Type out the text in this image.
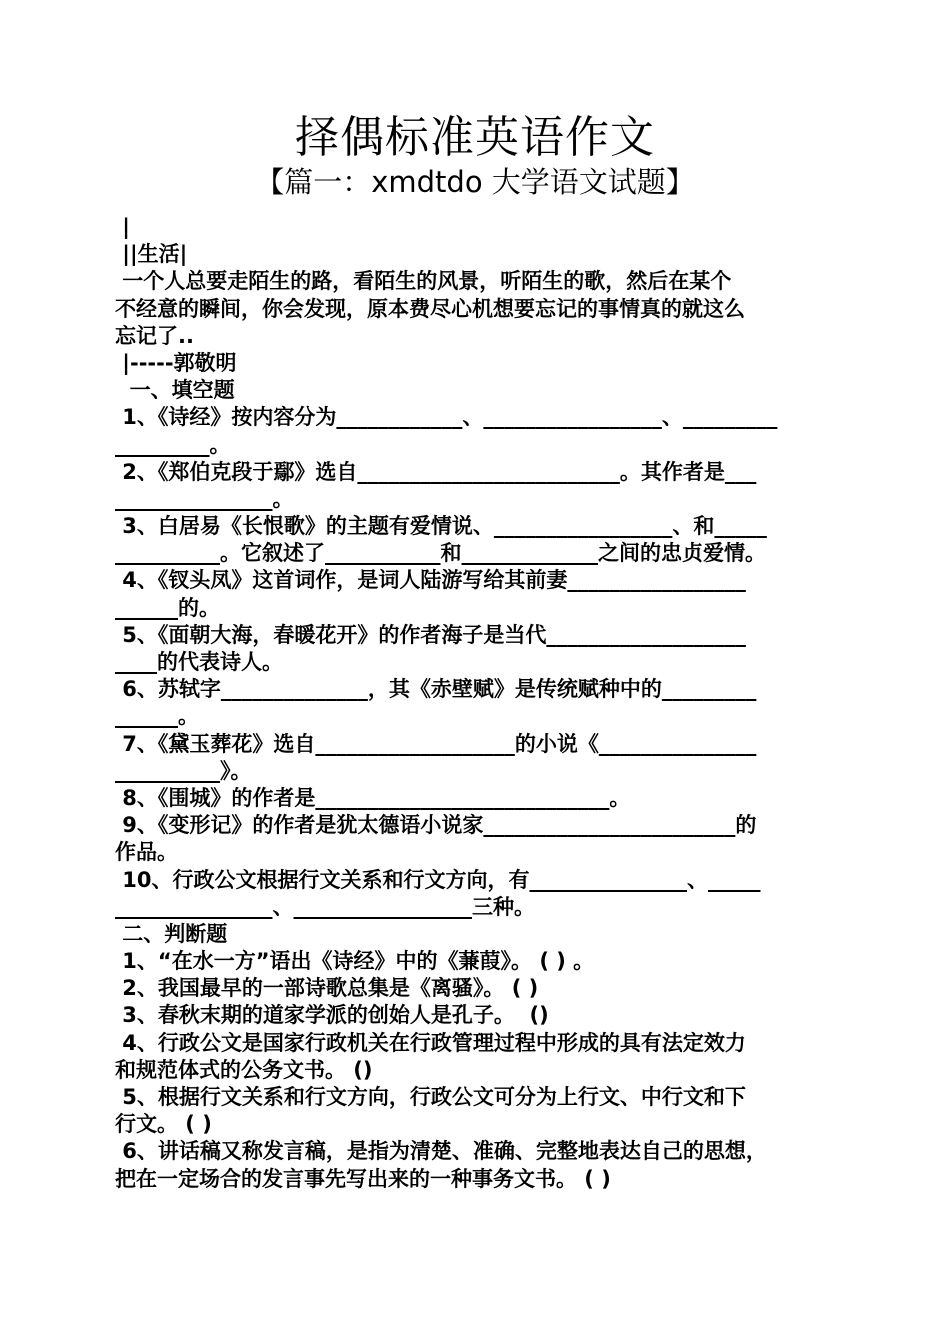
择偶标准英语作文
【篇一：xmdtdo 大学语文试题】
|
||生活|
一个人总要走陌生的路，看陌生的风景，听陌生的歌，然后在某个
不经意的瞬间，你会发现，原本费尽心机想要忘记的事情真的就这么
忘记了..
|-----郭敬明
一、填空题
1、《诗经》按内容分为____________、_________________、_________
_________。
2、《郑伯克段于鄢》选自_________________________。其作者是___
_______________。
3、白居易《长恨歌》的主题有爱情说、_________________、和_____
__________。它叙述了___________和_____________之间的忠贞爱情。
4、《钗头凤》这首词作，是词人陆游写给其前妻_________________
______的。
5、《面朝大海，春暖花开》的作者海子是当代___________________
____的代表诗人。
6、苏轼字______________，其《赤壁赋》是传统赋种中的_________
______。
7、《黛玉葬花》选自___________________的小说《_______________
__________》。
8、《围城》的作者是____________________________。
9、《变形记》的作者是犹太德语小说家________________________的
作品。
10、行政公文根据行文关系和行文方向，有_______________、_____
_______________、_________________三种。
二、判断题
1、“在水一方”语出《诗经》中的《蒹葭》。 ( ) 。
2、我国最早的一部诗歌总集是《离骚》。 ( )
3、春秋末期的道家学派的创始人是孔子。  ()
4、行政公文是国家行政机关在行政管理过程中形成的具有法定效力
和规范体式的公务文书。 ()
5、根据行文关系和行文方向，行政公文可分为上行文、中行文和下
行文。 ( )
6、讲话稿又称发言稿，是指为清楚、准确、完整地表达自己的思想，
把在一定场合的发言事先写出来的一种事务文书。 ( )
